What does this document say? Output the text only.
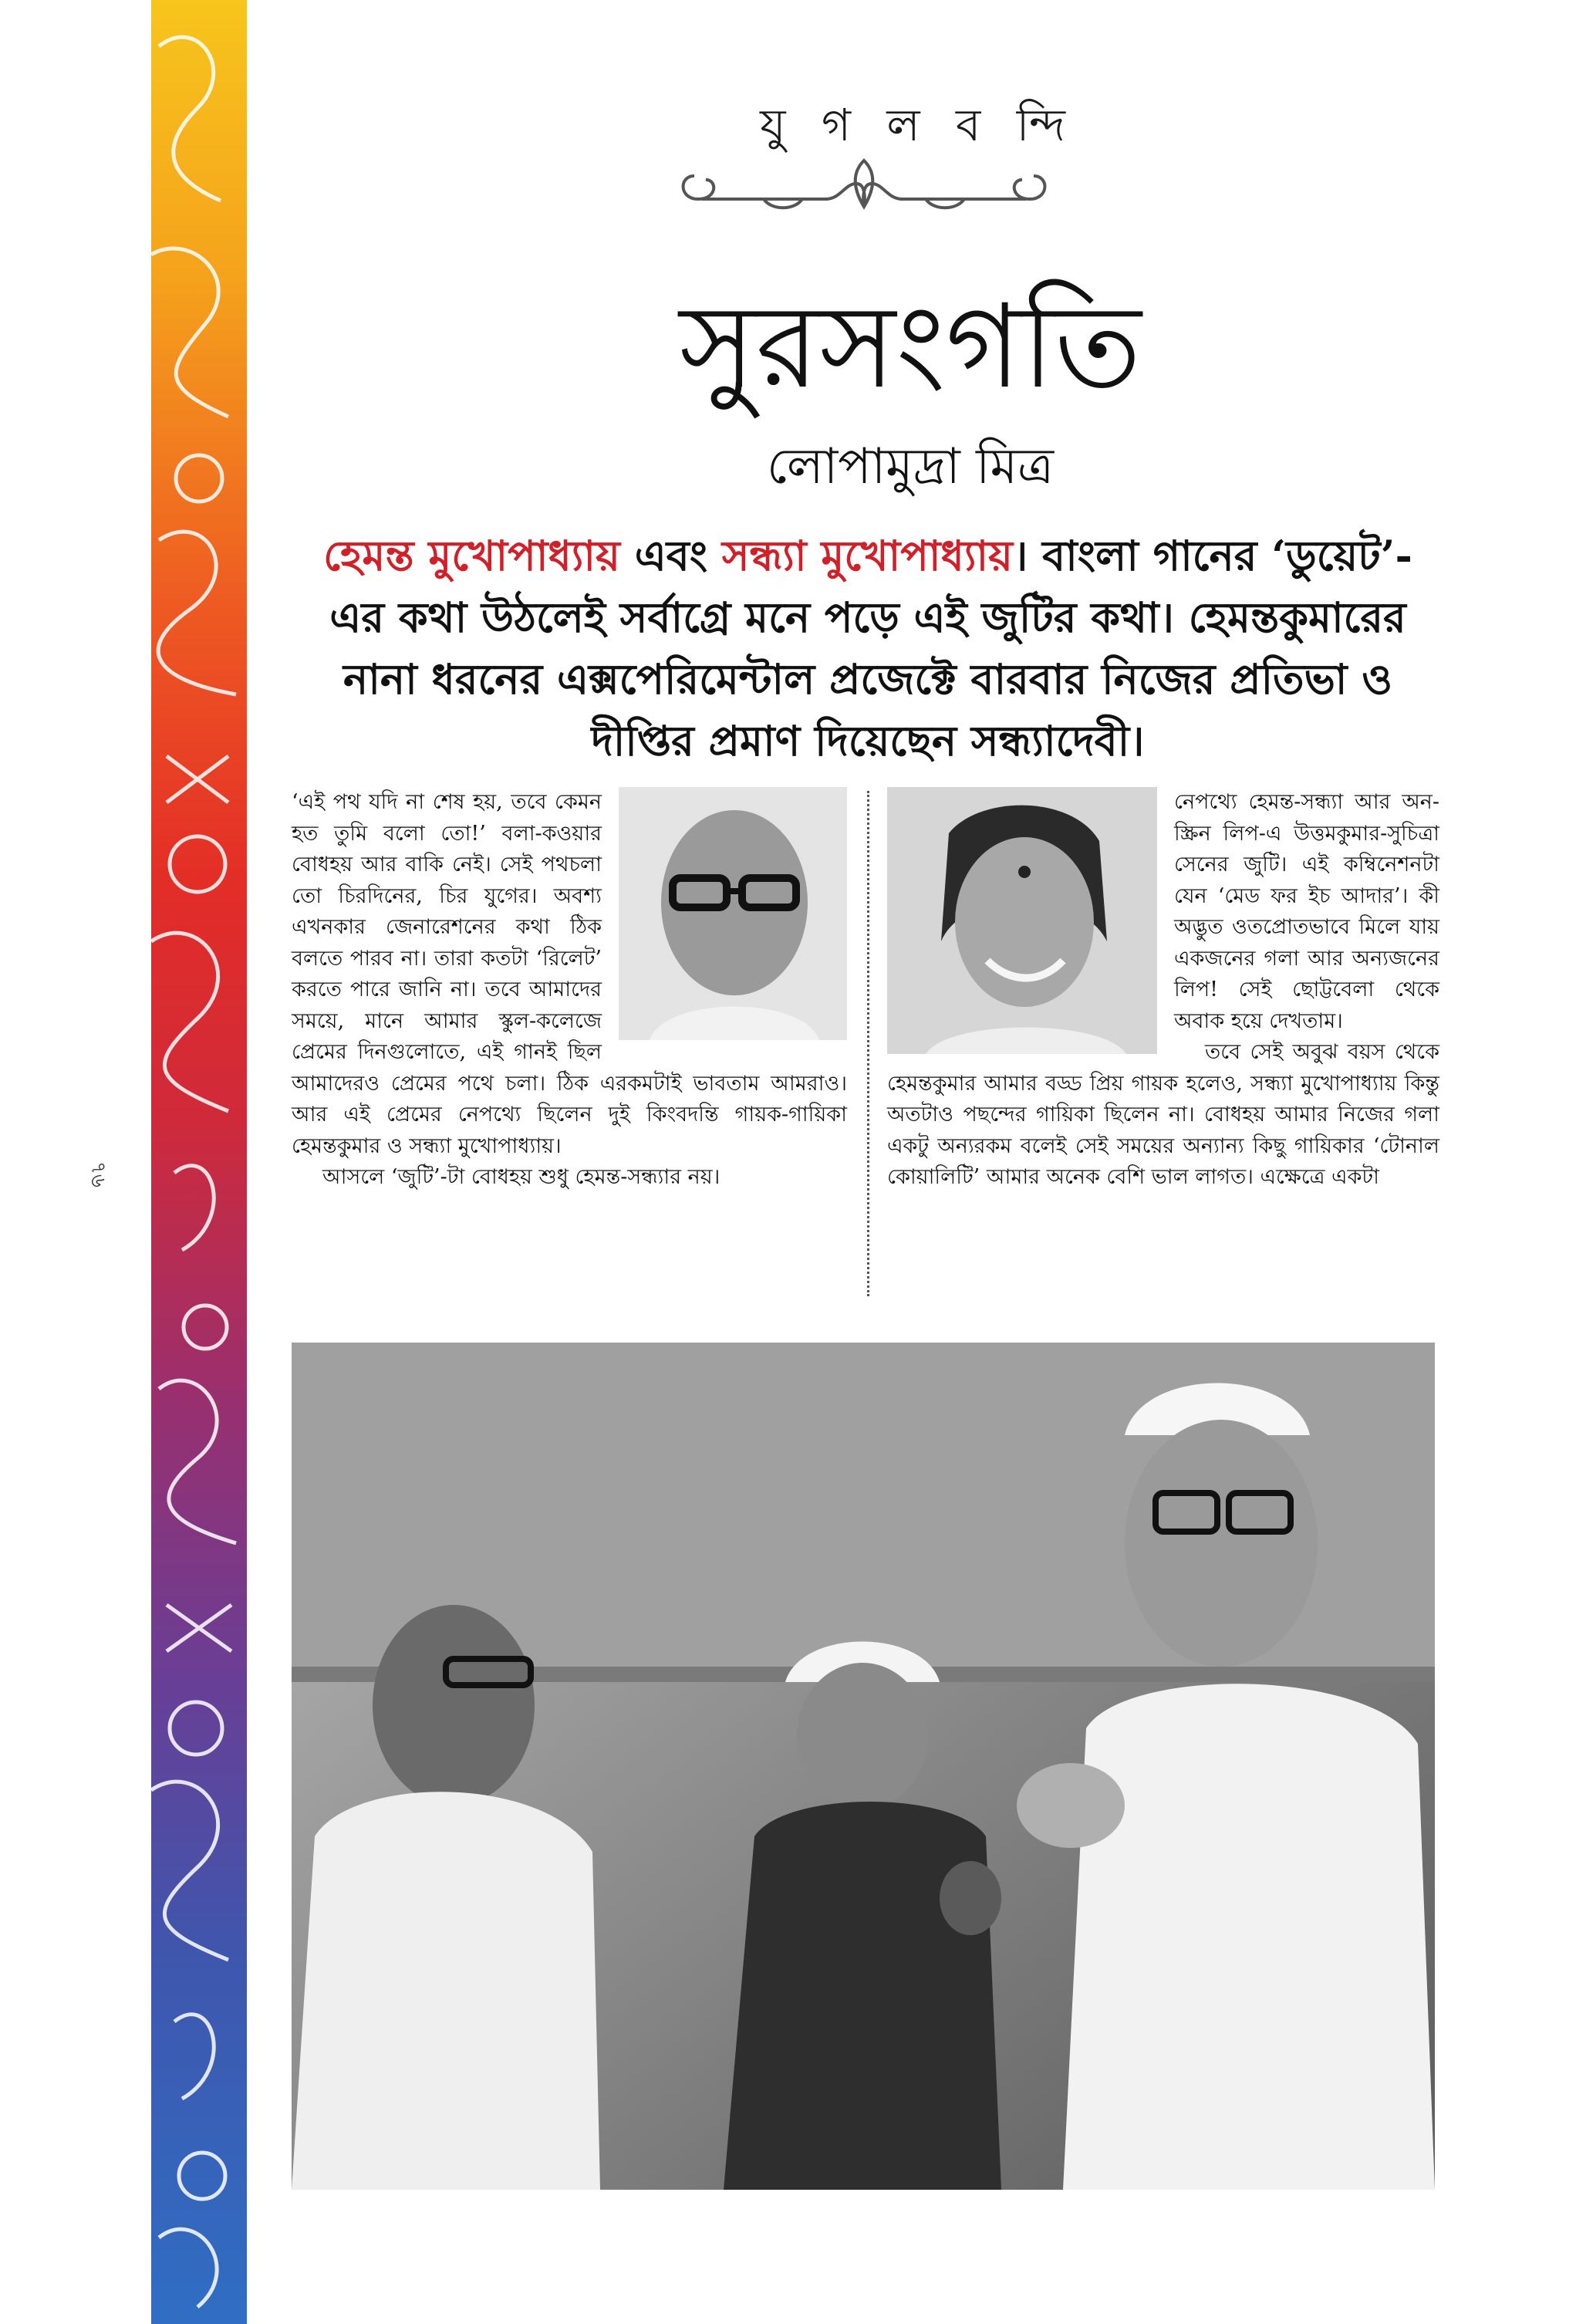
৭৬
যু গ ল ব ন্দি
সুরসংগতি
লোপামুদ্রা মিত্র
হেমন্ত মুখোপাধ্যায় এবং সন্ধ্যা মুখোপাধ্যায়। বাংলা গানের ‘ডুয়েট’-এর কথা উঠলেই সর্বাগ্রে মনে পড়ে এই জুটির কথা। হেমন্তকুমারের নানা ধরনের এক্সপেরিমেন্টাল প্রজেক্টে বারবার নিজের প্রতিভা ও দীপ্তির প্রমাণ দিয়েছেন সন্ধ্যাদেবী।

‘এই পথ যদি না শেষ হয়, তবে কেমন হত তুমি বলো তো!’ বলা-কওয়ার বোধহয় আর বাকি নেই। সেই পথচলা তো চিরদিনের, চির যুগের। অবশ্য এখনকার জেনারেশনের কথা ঠিক বলতে পারব না। তারা কতটা ‘রিলেট’ করতে পারে জানি না। তবে আমাদের সময়ে, মানে আমার স্কুল-কলেজে প্রেমের দিনগুলোতে, এই গানই ছিল আমাদেরও প্রেমের পথে চলা। ঠিক এরকমটাই ভাবতাম আমরাও। আর এই প্রেমের নেপথ্যে ছিলেন দুই কিংবদন্তি গায়ক-গায়িকা হেমন্তকুমার ও সন্ধ্যা মুখোপাধ্যায়।

আসলে ‘জুটি’-টা বোধহয় শুধু হেমন্ত-সন্ধ্যার নয়।

নেপথ্যে হেমন্ত-সন্ধ্যা আর অন-স্ক্রিন লিপ-এ উত্তমকুমার-সুচিত্রা সেনের জুটি। এই কম্বিনেশনটা যেন ‘মেড ফর ইচ আদার’। কী অদ্ভুত ওতপ্রোতভাবে মিলে যায় একজনের গলা আর অন্যজনের লিপ! সেই ছোট্টবেলা থেকে অবাক হয়ে দেখতাম।

তবে সেই অবুঝ বয়স থেকে হেমন্তকুমার আমার বড্ড প্রিয় গায়ক হলেও, সন্ধ্যা মুখোপাধ্যায় কিন্তু অতটাও পছন্দের গায়িকা ছিলেন না। বোধহয় আমার নিজের গলা একটু অন্যরকম বলেই সেই সময়ের অন্যান্য কিছু গায়িকার ‘টোনাল কোয়ালিটি’ আমার অনেক বেশি ভাল লাগত। এক্ষেত্রে একটা
